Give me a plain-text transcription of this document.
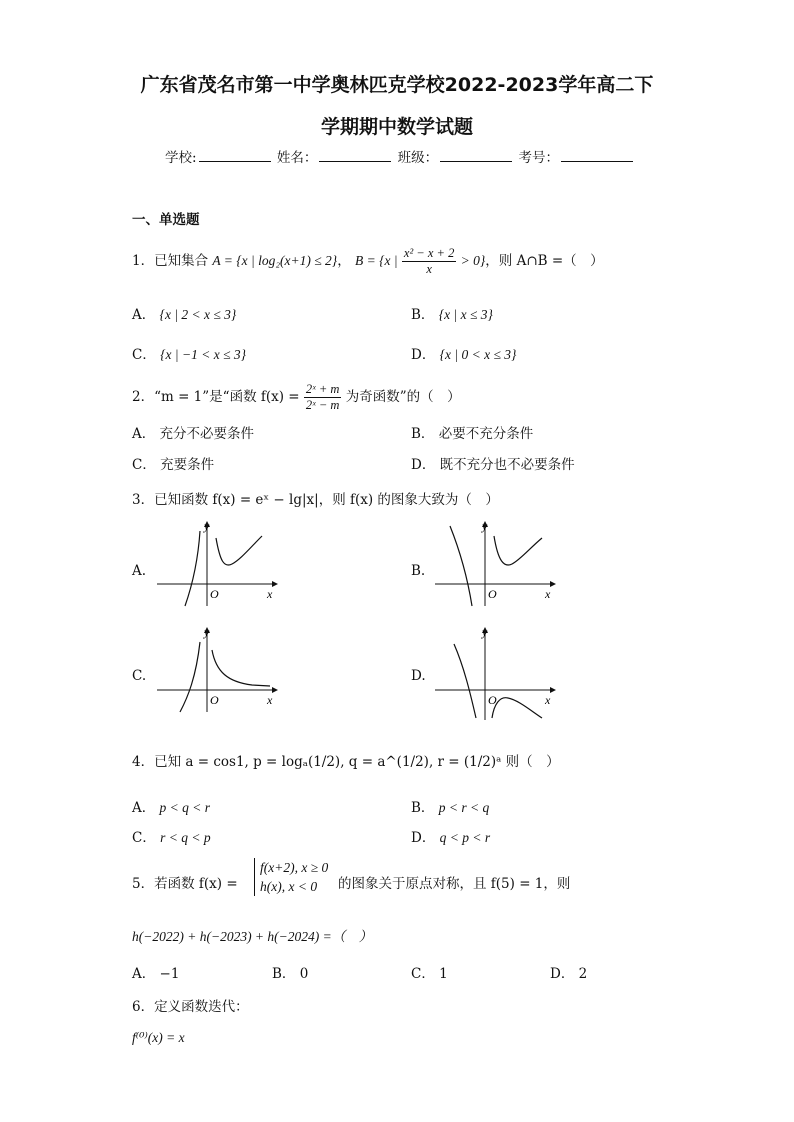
广东省茂名市第一中学奥林匹克学校2022-2023学年高二下
学期期中数学试题
学校:	姓名：	班级：	考号：
一、单选题
1．已知集合 A = {x | log₂(x+1) ≤ 2}， B = {x | $\frac{\text{x² − x + 2}}{x} > 0$}，则 A∩B =（　）
A． {x | 2 < x ≤ 3}	B． {x | x ≤ 3}
C． {x | −1 < x ≤ 3}	D． {x | 0 < x ≤ 3}
2．“m = 1”是“函数 $f(x) = \frac{\text{2ˣ + m}}{\text{2ˣ − m}}$ 为奇函数”的（　）
A． 充分不必要条件	B． 必要不充分条件
C． 充要条件	D． 既不充分也不必要条件
3．已知函数 f(x) = eˣ − lg|x|，则 f(x) 的图象大致为（　）
A.
y
O	x
B.
y
O	x
C.
y
O	x
D.
y
O	x
4．已知 a = cos1, p = logₐ(1/2), q = a^(1/2), r = (1/2)ᵃ 则（　）
A． p < q < r	B． p < r < q
C． r < q < p	D． q < p < r
5．若函数 f(x) =
f(x+2), x ≥ 0
h(x), x < 0	的图象关于原点对称，且 f(5) = 1，则
h(−2022) + h(−2023) + h(−2024) =（　）
A． −1	B． 0	C． 1	D． 2
6．定义函数迭代：
f⁽⁰⁾(x) = x
